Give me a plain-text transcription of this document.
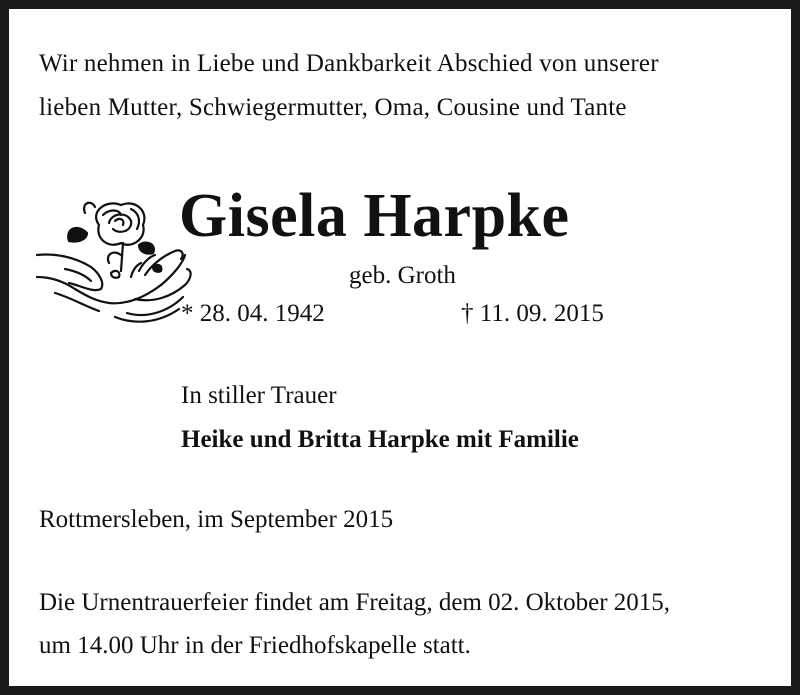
Wir nehmen in Liebe und Dankbarkeit Abschied von unserer
lieben Mutter, Schwiegermutter, Oma, Cousine und Tante
Gisela Harpke
geb. Groth
* 28. 04. 1942	† 11. 09. 2015
In stiller Trauer
Heike und Britta Harpke mit Familie
Rottmersleben, im September 2015
Die Urnentrauerfeier findet am Freitag, dem 02. Oktober 2015,
um 14.00 Uhr in der Friedhofskapelle statt.
